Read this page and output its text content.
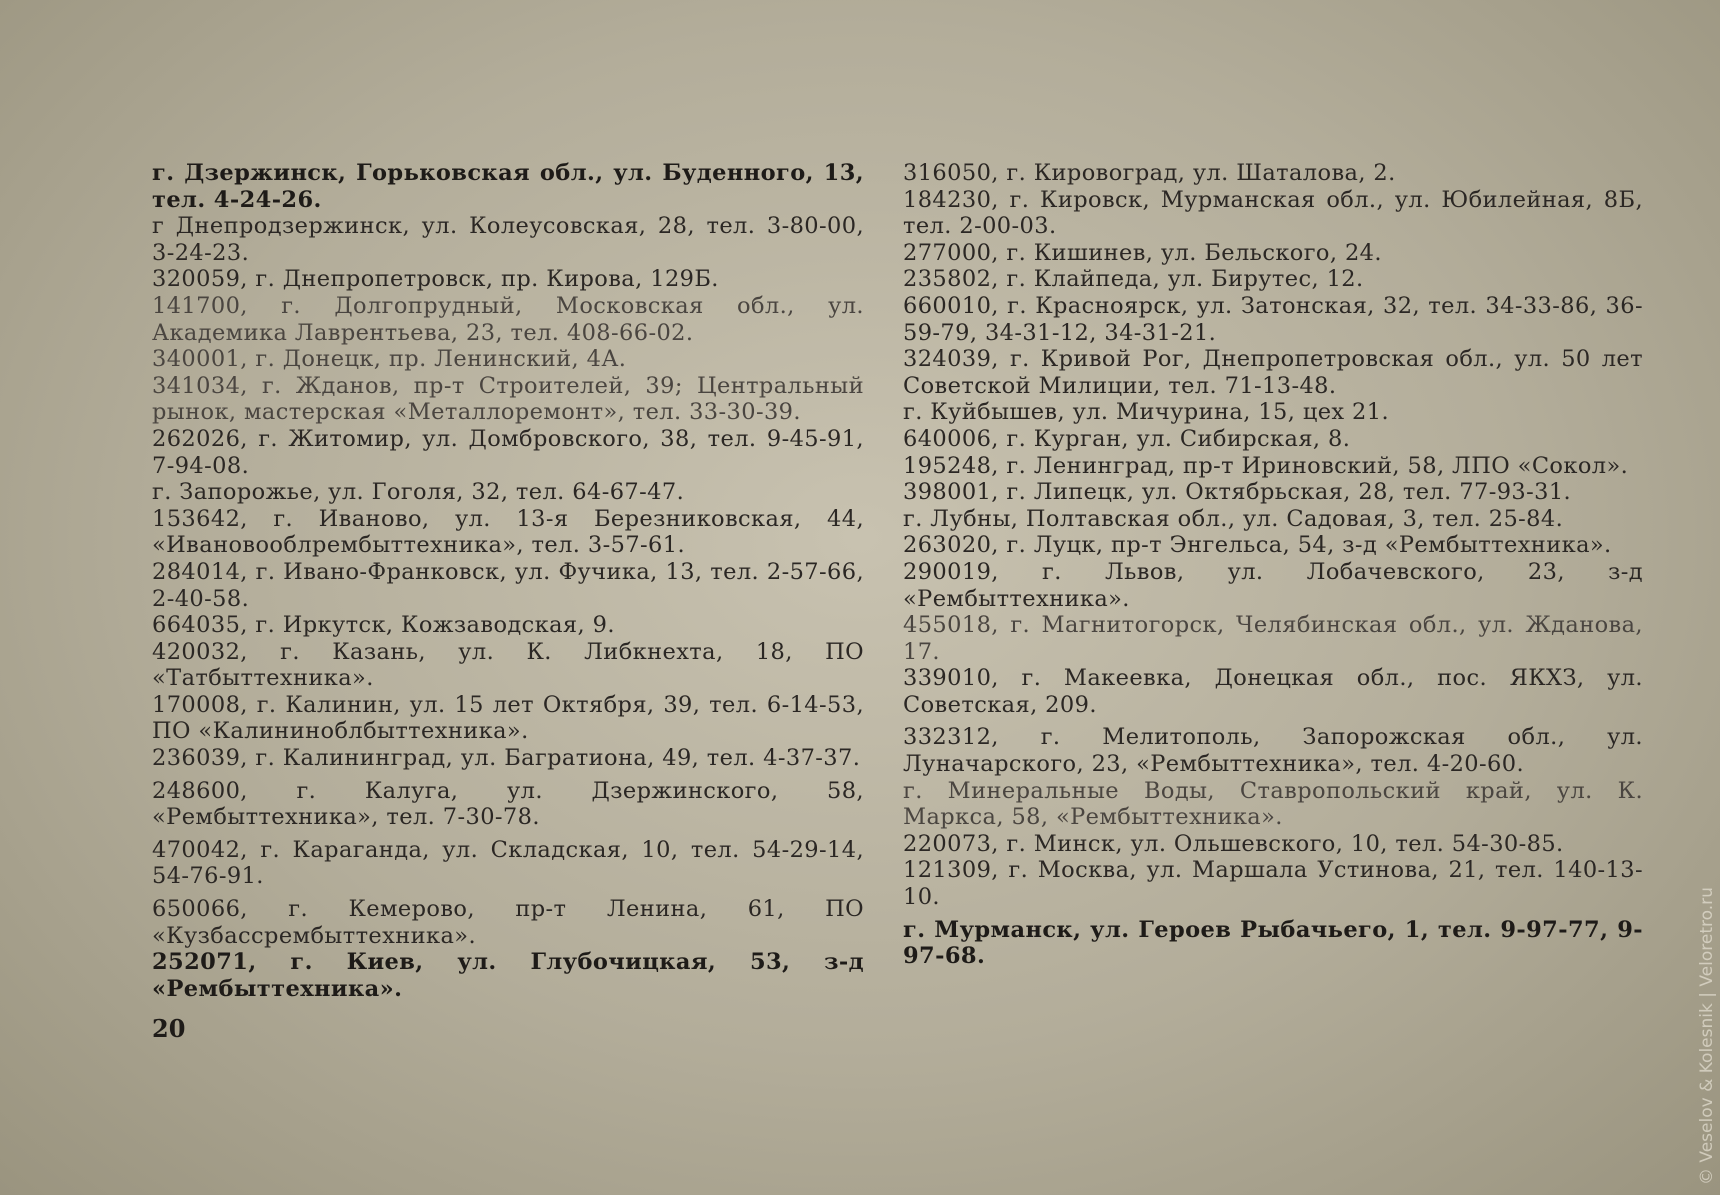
г. Дзержинск, Горьковская обл., ул. Буденного, 13, тел. 4-24-26.

г Днепродзержинск, ул. Колеусовская, 28, тел. 3-80-00, 3-24-23.

320059, г. Днепропетровск, пр. Кирова, 129Б.

141700, г. Долгопрудный, Московская обл., ул. Академика Лаврентьева, 23, тел. 408-66-02.

340001, г. Донецк, пр. Ленинский, 4А.

341034, г. Жданов, пр-т Строителей, 39; Центральный рынок, мастерская «Металлоремонт», тел. 33-30-39.

262026, г. Житомир, ул. Домбровского, 38, тел. 9-45-91, 7-94-08.

г. Запорожье, ул. Гоголя, 32, тел. 64-67-47.

153642, г. Иваново, ул. 13-я Березниковская, 44, «Ивановооблрембыттехника», тел. 3-57-61.

284014, г. Ивано-Франковск, ул. Фучика, 13, тел. 2-57-66, 2-40-58.

664035, г. Иркутск, Кожзаводская, 9.

420032, г. Казань, ул. К. Либкнехта, 18, ПО «Татбыттехника».

170008, г. Калинин, ул. 15 лет Октября, 39, тел. 6-14-53, ПО «Калининоблбыттехника».

236039, г. Калининград, ул. Багратиона, 49, тел. 4-37-37.

248600, г. Калуга, ул. Дзержинского, 58, «Рембыттехника», тел. 7-30-78.

470042, г. Караганда, ул. Складская, 10, тел. 54-29-14, 54-76-91.

650066, г. Кемерово, пр-т Ленина, 61, ПО «Кузбассрембыттехника».

252071, г. Киев, ул. Глубочицкая, 53, з-д «Рембыттехника».

316050, г. Кировоград, ул. Шаталова, 2.

184230, г. Кировск, Мурманская обл., ул. Юбилейная, 8Б, тел. 2-00-03.

277000, г. Кишинев, ул. Бельского, 24.

235802, г. Клайпеда, ул. Бирутес, 12.

660010, г. Красноярск, ул. Затонская, 32, тел. 34-33-86, 36-59-79, 34-31-12, 34-31-21.

324039, г. Кривой Рог, Днепропетровская обл., ул. 50 лет Советской Милиции, тел. 71-13-48.

г. Куйбышев, ул. Мичурина, 15, цех 21.

640006, г. Курган, ул. Сибирская, 8.

195248, г. Ленинград, пр-т Ириновский, 58, ЛПО «Сокол».

398001, г. Липецк, ул. Октябрьская, 28, тел. 77-93-31.

г. Лубны, Полтавская обл., ул. Садовая, 3, тел. 25-84.

263020, г. Луцк, пр-т Энгельса, 54, з-д «Рембыттехника».

290019, г. Львов, ул. Лобачевского, 23, з-д «Рембыттехника».

455018, г. Магнитогорск, Челябинская обл., ул. Жданова, 17.

339010, г. Макеевка, Донецкая обл., пос. ЯКХЗ, ул. Советская, 209.

332312, г. Мелитополь, Запорожская обл., ул. Луначарского, 23, «Рембыттехника», тел. 4-20-60.

г. Минеральные Воды, Ставропольский край, ул. К. Маркса, 58, «Рембыттехника».

220073, г. Минск, ул. Ольшевского, 10, тел. 54-30-85.

121309, г. Москва, ул. Маршала Устинова, 21, тел. 140-13-10.

г. Мурманск, ул. Героев Рыбачьего, 1, тел. 9-97-77, 9-97-68.

20	© Veselov & Kolesnik | Veloretro.ru
